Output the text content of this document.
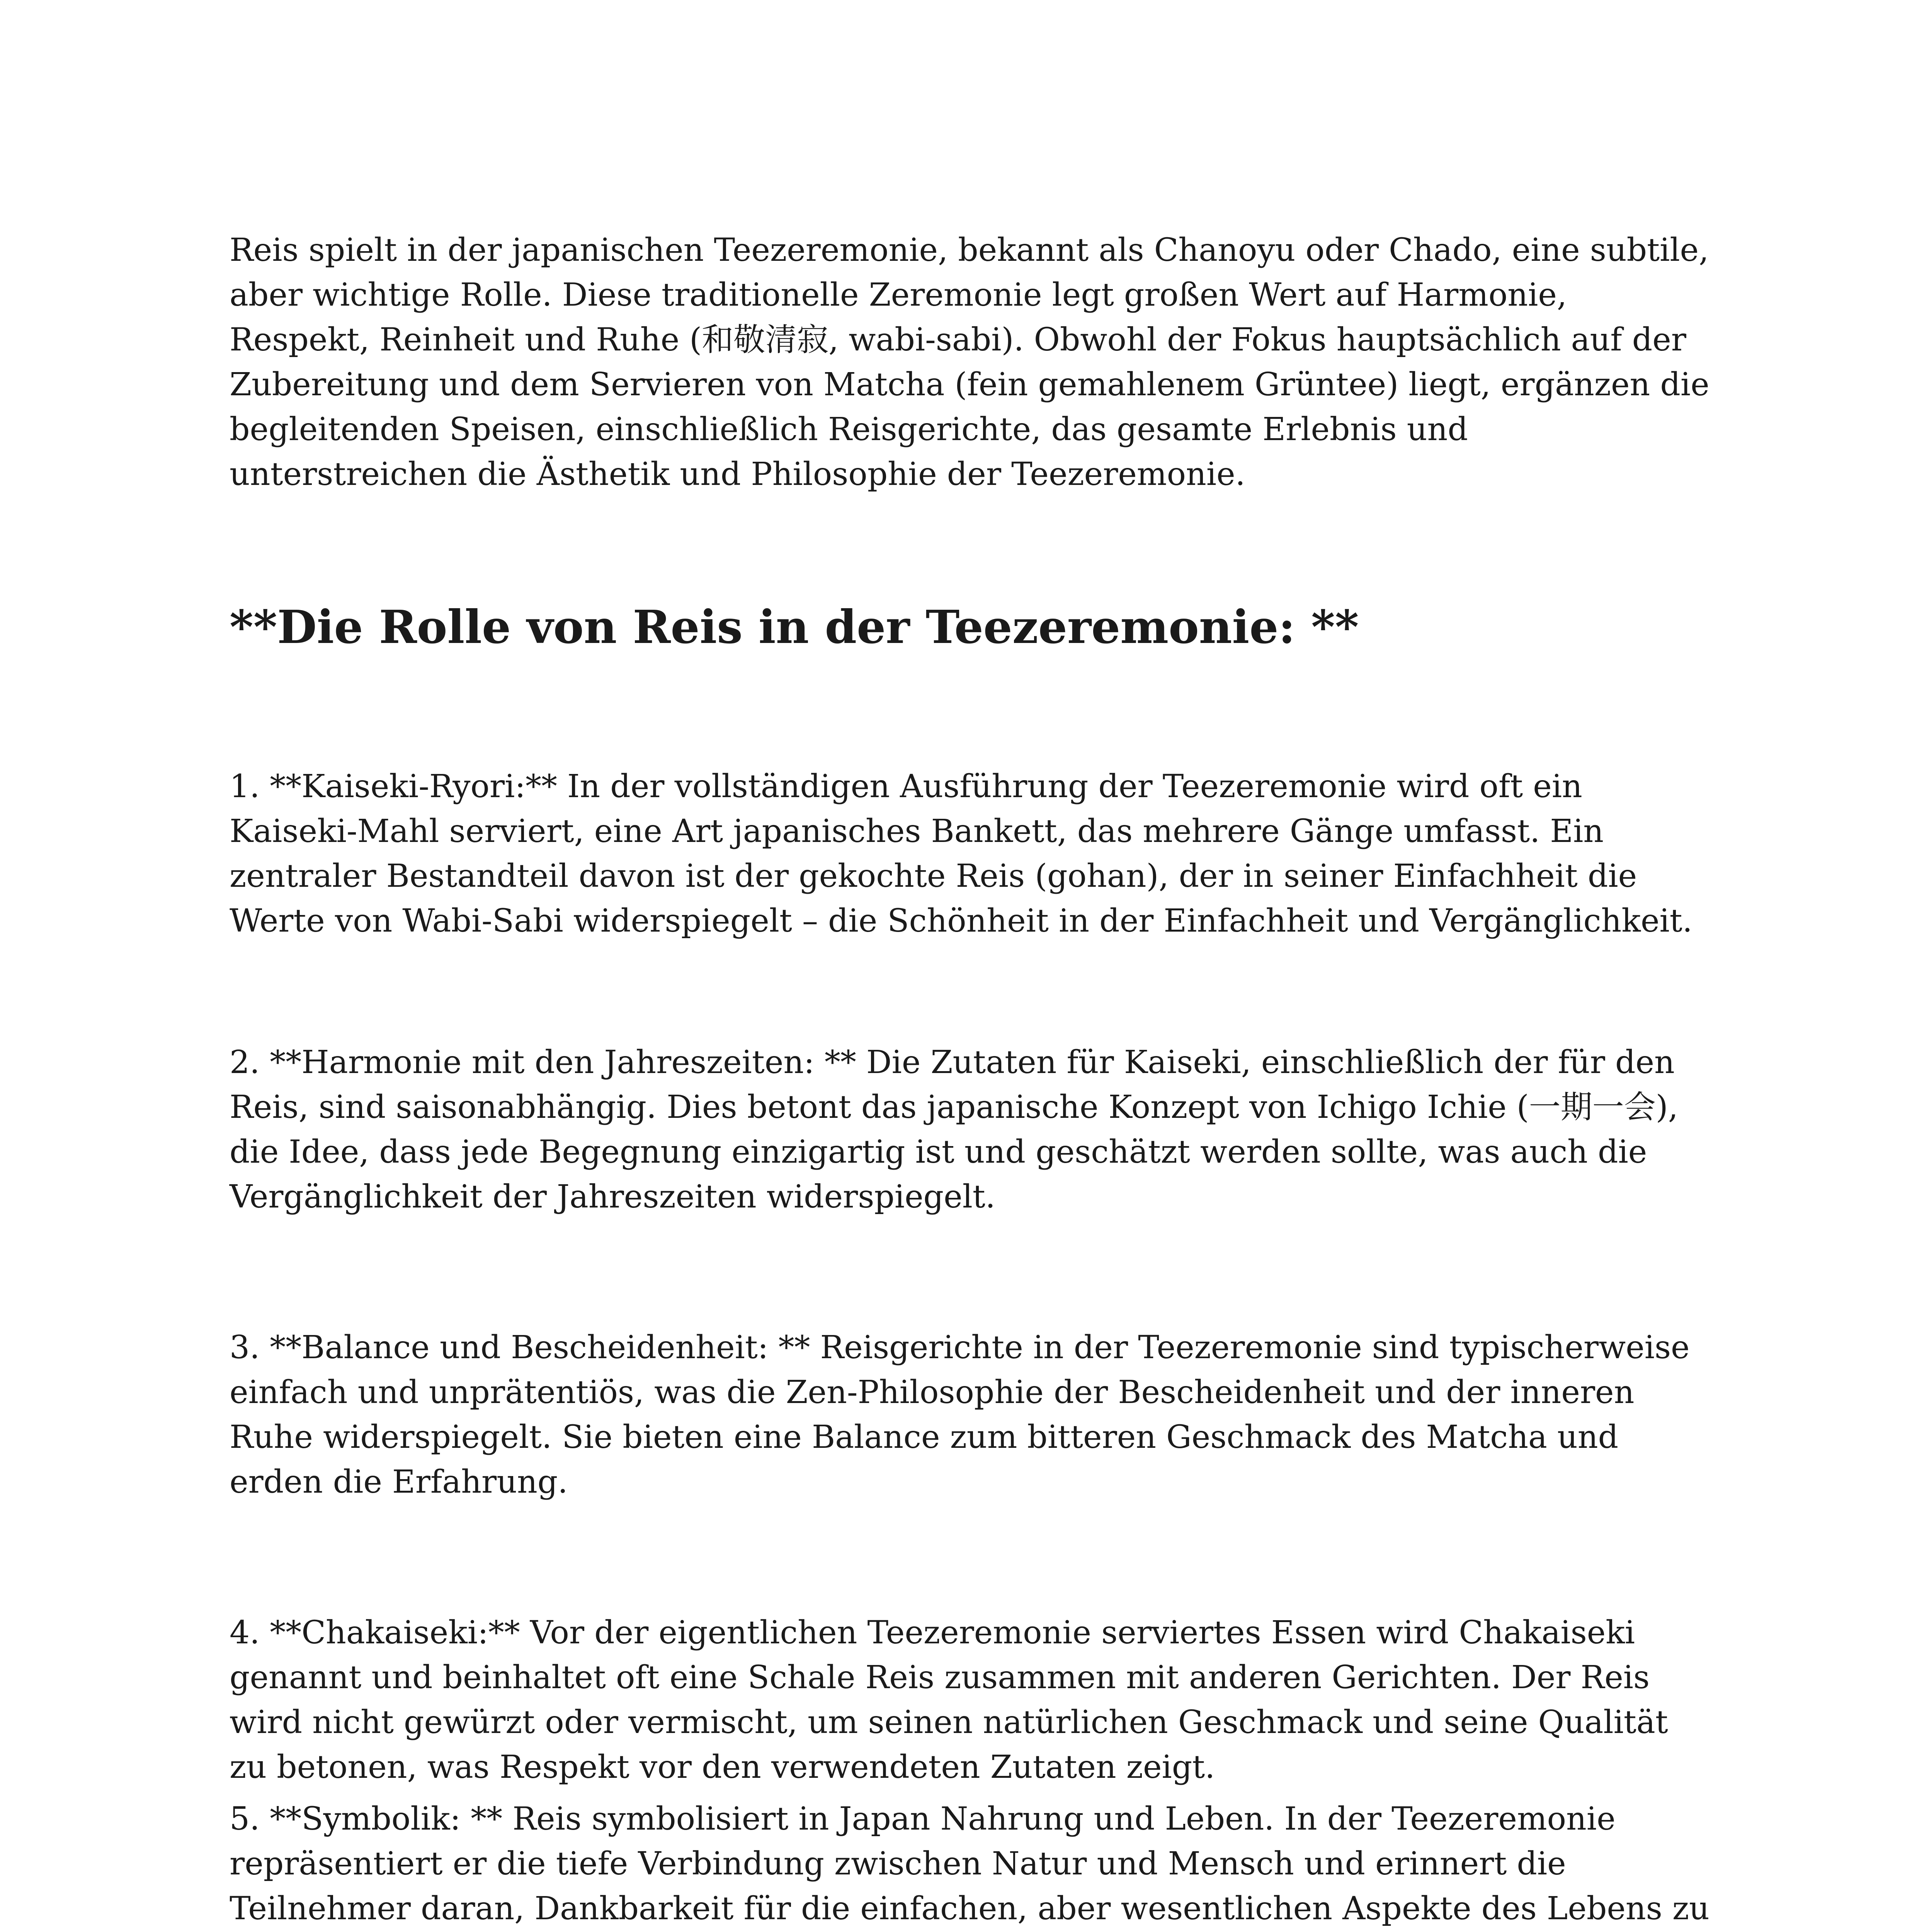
Reis spielt in der japanischen Teezeremonie, bekannt als Chanoyu oder Chado, eine subtile, aber wichtige Rolle. Diese traditionelle Zeremonie legt großen Wert auf Harmonie, Respekt, Reinheit und Ruhe (和敬清寂, wabi-sabi). Obwohl der Fokus hauptsächlich auf der Zubereitung und dem Servieren von Matcha (fein gemahlenem Grüntee) liegt, ergänzen die begleitenden Speisen, einschließlich Reisgerichte, das gesamte Erlebnis und unterstreichen die Ästhetik und Philosophie der Teezeremonie.

**Die Rolle von Reis in der Teezeremonie: **

1. **Kaiseki-Ryori:** In der vollständigen Ausführung der Teezeremonie wird oft ein Kaiseki-Mahl serviert, eine Art japanisches Bankett, das mehrere Gänge umfasst. Ein zentraler Bestandteil davon ist der gekochte Reis (gohan), der in seiner Einfachheit die Werte von Wabi-Sabi widerspiegelt – die Schönheit in der Einfachheit und Vergänglichkeit.

2. **Harmonie mit den Jahreszeiten: ** Die Zutaten für Kaiseki, einschließlich der für den Reis, sind saisonabhängig. Dies betont das japanische Konzept von Ichigo Ichie (一期一会), die Idee, dass jede Begegnung einzigartig ist und geschätzt werden sollte, was auch die Vergänglichkeit der Jahreszeiten widerspiegelt.

3. **Balance und Bescheidenheit: ** Reisgerichte in der Teezeremonie sind typischerweise einfach und unprätentiös, was die Zen-Philosophie der Bescheidenheit und der inneren Ruhe widerspiegelt. Sie bieten eine Balance zum bitteren Geschmack des Matcha und erden die Erfahrung.

4. **Chakaiseki:** Vor der eigentlichen Teezeremonie serviertes Essen wird Chakaiseki genannt und beinhaltet oft eine Schale Reis zusammen mit anderen Gerichten. Der Reis wird nicht gewürzt oder vermischt, um seinen natürlichen Geschmack und seine Qualität zu betonen, was Respekt vor den verwendeten Zutaten zeigt.

5. **Symbolik: ** Reis symbolisiert in Japan Nahrung und Leben. In der Teezeremonie repräsentiert er die tiefe Verbindung zwischen Natur und Mensch und erinnert die Teilnehmer daran, Dankbarkeit für die einfachen, aber wesentlichen Aspekte des Lebens zu
